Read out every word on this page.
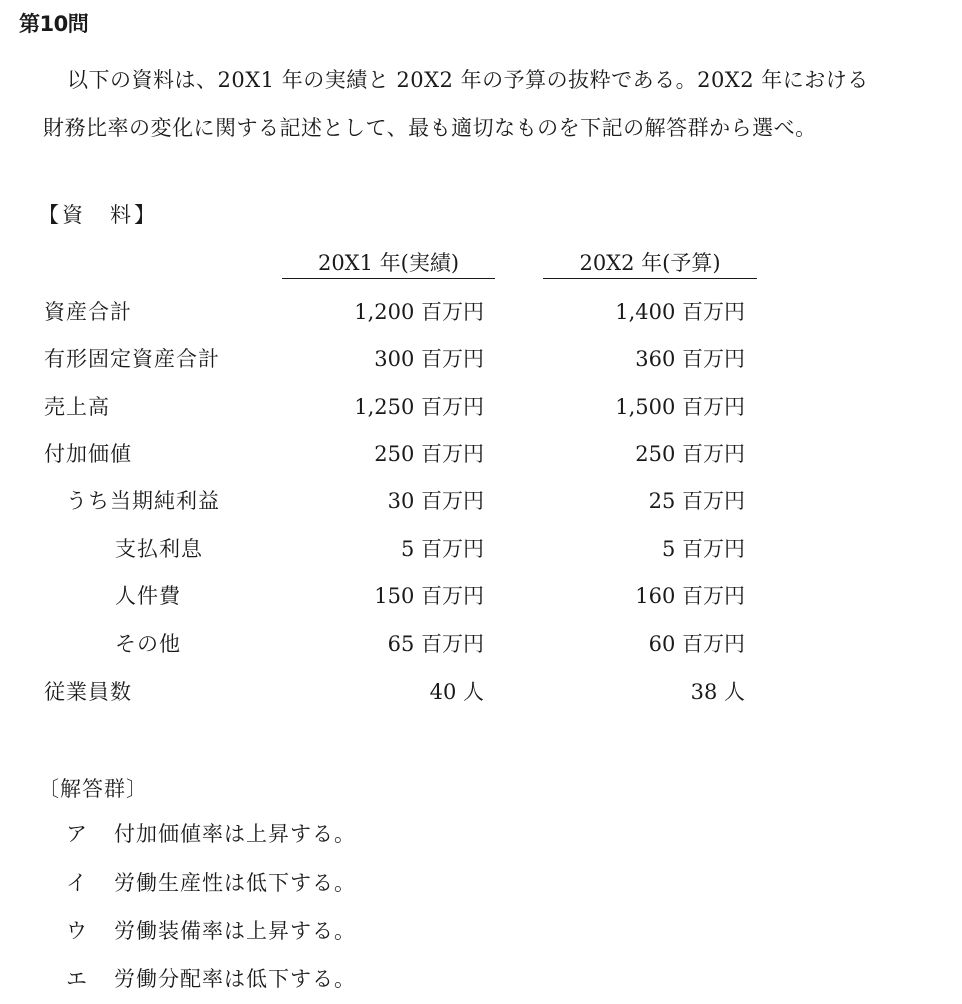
第10問
以下の資料は、20X1 年の実績と 20X2 年の予算の抜粋である。20X2 年における
財務比率の変化に関する記述として、最も適切なものを下記の解答群から選べ。
【資　料】
20X1 年(実績)	20X2 年(予算)
資産合計	1,200 百万円	1,400 百万円
有形固定資産合計	300 百万円	360 百万円
売上高	1,250 百万円	1,500 百万円
付加価値	250 百万円	250 百万円
うち当期純利益	30 百万円	25 百万円
支払利息	5 百万円	5 百万円
人件費	150 百万円	160 百万円
その他	65 百万円	60 百万円
従業員数	40 人	38 人
〔解答群〕
ア 付加価値率は上昇する。
イ 労働生産性は低下する。
ウ 労働装備率は上昇する。
エ 労働分配率は低下する。
